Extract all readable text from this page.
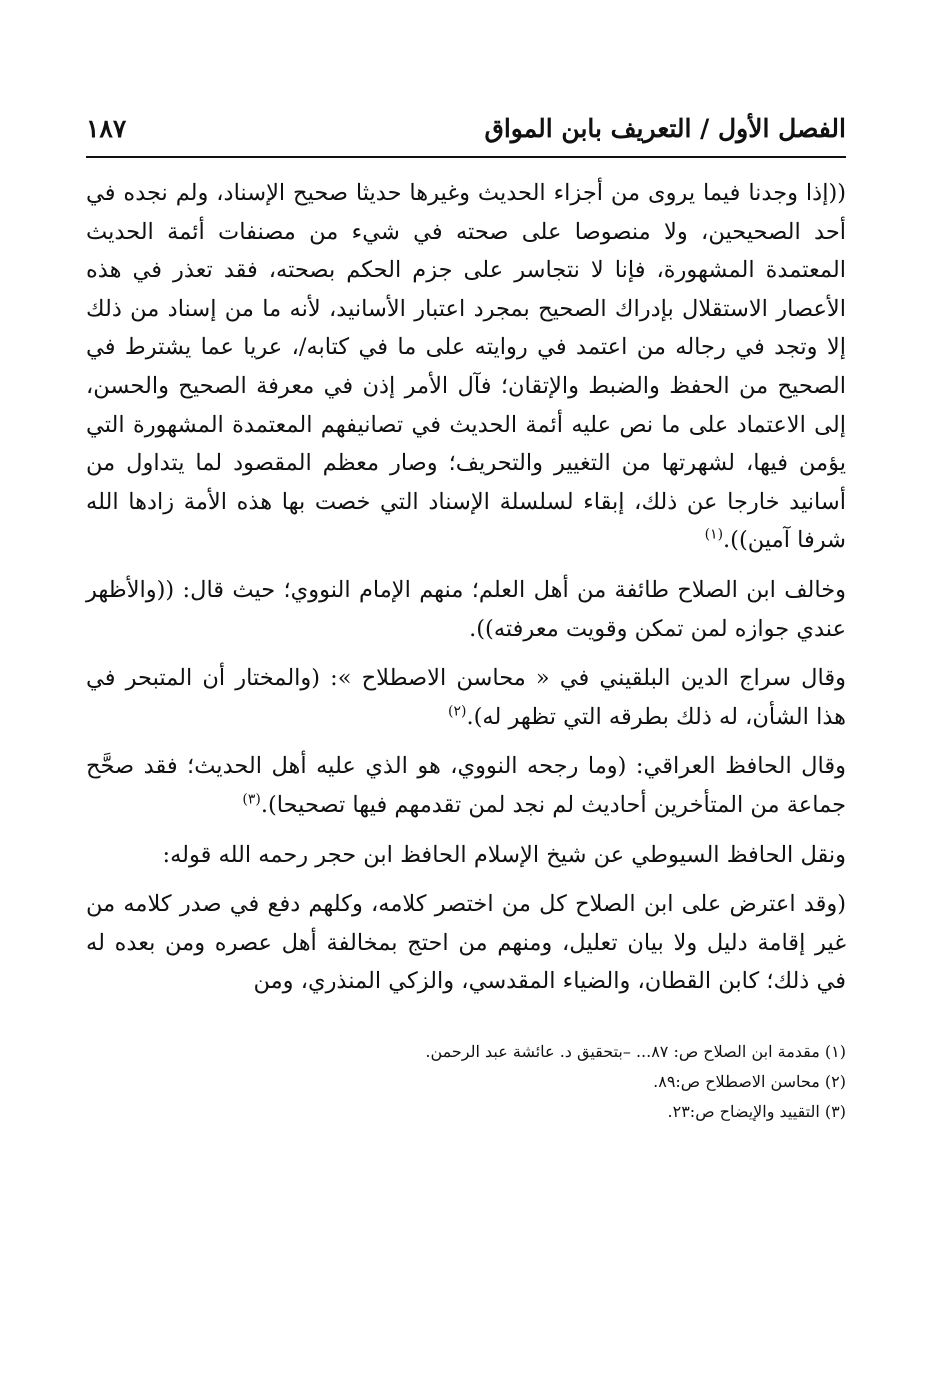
الفصل الأول / التعريف بابن المواق
١٨٧

((إذا وجدنا فيما يروى من أجزاء الحديث وغيرها حديثا صحيح الإسناد، ولم نجده في أحد الصحيحين، ولا منصوصا على صحته في شيء من مصنفات أئمة الحديث المعتمدة المشهورة، فإنا لا نتجاسر على جزم الحكم بصحته، فقد تعذر في هذه الأعصار الاستقلال بإدراك الصحيح بمجرد اعتبار الأسانيد، لأنه ما من إسناد من ذلك إلا وتجد في رجاله من اعتمد في روايته على ما في كتابه/، عريا عما يشترط في الصحيح من الحفظ والضبط والإتقان؛ فآل الأمر إذن في معرفة الصحيح والحسن، إلى الاعتماد على ما نص عليه أئمة الحديث في تصانيفهم المعتمدة المشهورة التي يؤمن فيها، لشهرتها من التغيير والتحريف؛ وصار معظم المقصود لما يتداول من أسانيد خارجا عن ذلك، إبقاء لسلسلة الإسناد التي خصت بها هذه الأمة زادها الله شرفا آمين)).$^{(١)}$

وخالف ابن الصلاح طائفة من أهل العلم؛ منهم الإمام النووي؛ حيث قال: ((والأظهر عندي جوازه لمن تمكن وقويت معرفته)).

وقال سراج الدين البلقيني في « محاسن الاصطلاح »: (والمختار أن المتبحر في هذا الشأن، له ذلك بطرقه التي تظهر له).$^{(٢)}$

وقال الحافظ العراقي: (وما رجحه النووي، هو الذي عليه أهل الحديث؛ فقد صحَّح جماعة من المتأخرين أحاديث لم نجد لمن تقدمهم فيها تصحيحا).$^{(٣)}$

ونقل الحافظ السيوطي عن شيخ الإسلام الحافظ ابن حجر رحمه الله قوله:

(وقد اعترض على ابن الصلاح كل من اختصر كلامه، وكلهم دفع في صدر كلامه من غير إقامة دليل ولا بيان تعليل، ومنهم من احتج بمخالفة أهل عصره ومن بعده له في ذلك؛ كابن القطان، والضياء المقدسي، والزكي المنذري، ومن

(١) مقدمة ابن الصلاح ص: ٨٧... –بتحقيق د. عائشة عبد الرحمن.
(٢) محاسن الاصطلاح ص:٨٩.
(٣) التقييد والإيضاح ص:٢٣.
